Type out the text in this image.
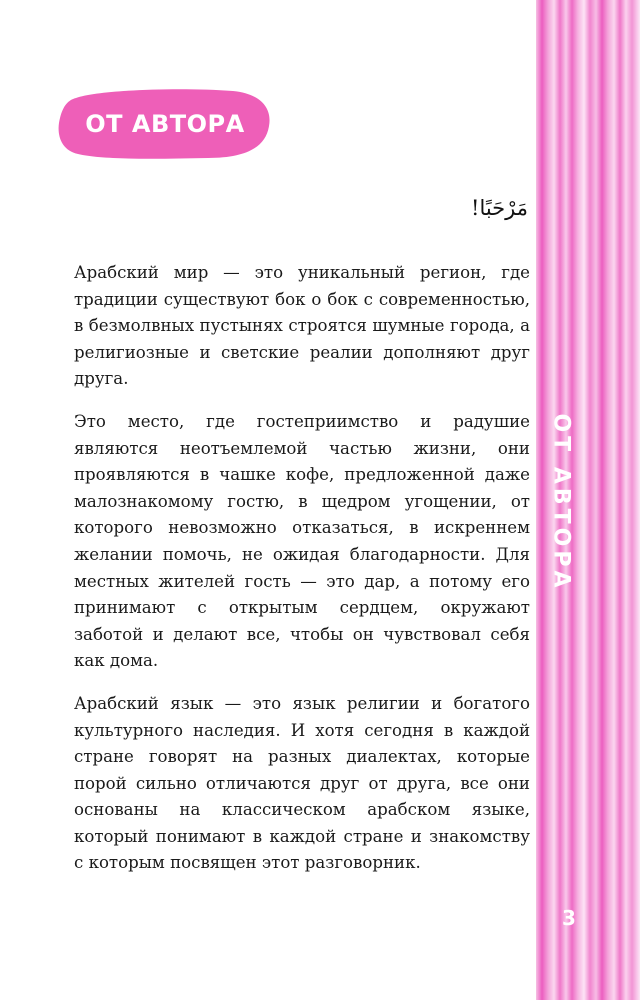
ОТ АВТОРА
3
ОТ АВТОРА
مَرْحَبًا!

Арабский мир — это уникальный регион, где традиции существуют бок о бок с современностью, в безмолвных пустынях строятся шумные города, а религиозные и светские реалии дополняют друг друга.

Это место, где гостеприимство и радушие являются неотъемлемой частью жизни, они проявляются в чашке кофе, предложенной даже малознакомому гостю, в щедром угощении, от которого невозможно отказаться, в искреннем желании помочь, не ожидая благодарности. Для местных жителей гость — это дар, а потому его принимают с открытым сердцем, окружают заботой и делают все, чтобы он чувствовал себя как дома.

Арабский язык — это язык религии и богатого культурного наследия. И хотя сегодня в каждой стране говорят на разных диалектах, которые порой сильно отличаются друг от друга, все они основаны на классическом арабском языке, который понимают в каждой стране и знакомству с которым посвящен этот разговорник.
